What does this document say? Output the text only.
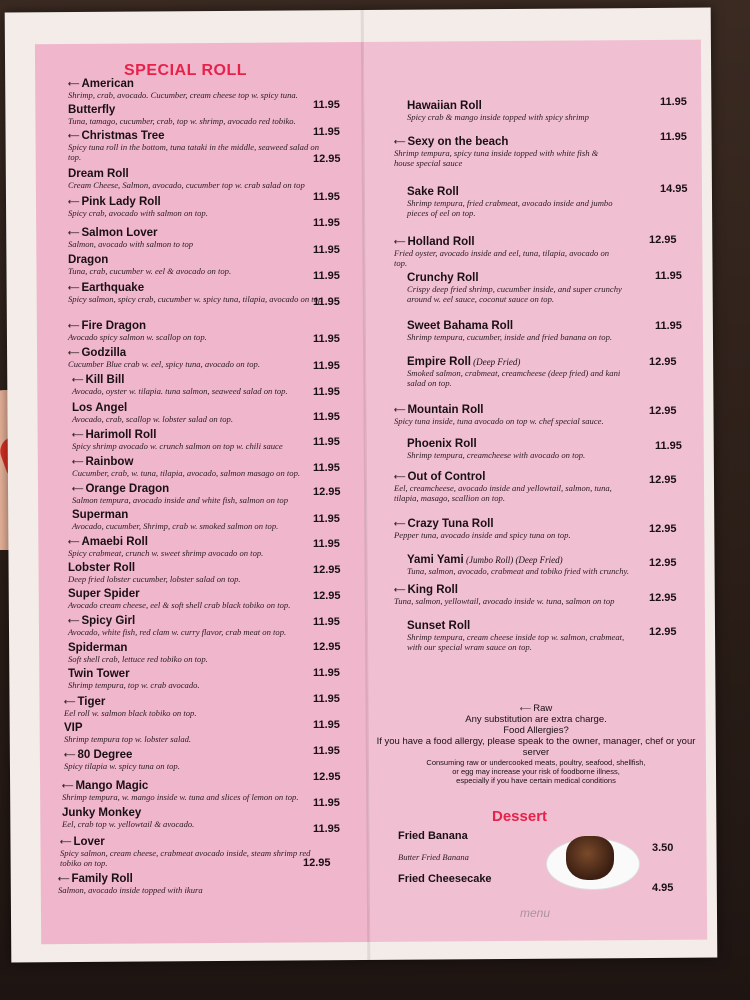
SPECIAL ROLL
⟵ Raw
Any substitution are extra charge.
Food Allergies?
If you have a food allergy, please speak to the owner, manager, chef or your server
Consuming raw or undercooked meats, poultry, seafood, shellfish,
or egg may increase your risk of foodborne illness,
especially if you have certain medical conditions
Dessert
Fried Banana
Butter Fried Banana
3.50
Fried Cheesecake
4.95
menu
⟵ American
Shrimp, crab, avocado. Cucumber, cream cheese top w. spicy tuna.
11.95
Butterfly
Tuna, tamago, cucumber, crab, top w. shrimp, avocado red tobiko.
11.95
⟵ Christmas Tree
Spicy tuna roll in the bottom, tuna tataki in the middle, seaweed salad on top.	12.95
Dream Roll
Cream Cheese, Salmon, avocado, cucumber top w. crab salad on top
11.95
⟵ Pink Lady Roll
Spicy crab, avocado with salmon on top.
11.95
⟵ Salmon Lover
Salmon, avocado with salmon to top	11.95
Dragon
Tuna, crab, cucumber w. eel & avocado on top.	11.95
⟵ Earthquake
Spicy salmon, spicy crab, cucumber w. spicy tuna, tilapia, avocado on top
11.95
⟵ Fire Dragon
Avocado spicy salmon w. scallop on top.	11.95
⟵ Godzilla
Cucumber Blue crab w. eel, spicy tuna, avocado on top.	11.95
⟵ Kill Bill
Avocado, oyster w. tilapia. tuna salmon, seaweed salad on top. 11.95
Los Angel
Avocado, crab, scallop w. lobster salad on top.	11.95
⟵ Harimoll Roll
Spicy shrimp avocado w. crunch salmon on top w. chili sauce	11.95
⟵ Rainbow
Cucumber, crab, w. tuna, tilapia, avocado, salmon masago on top. 11.95
⟵ Orange Dragon
Salmon tempura, avocado inside and white fish, salmon on top
12.95
Superman
Avocado, cucumber, Shrimp, crab w. smoked salmon on top.
11.95
⟵ Amaebi Roll
Spicy crabmeat, crunch w. sweet shrimp avocado on top.
11.95
Lobster Roll
Deep fried lobster cucumber, lobster salad on top.
12.95
Super Spider
Avocado cream cheese, eel & soft shell crab black tobiko on top.
12.95
⟵ Spicy Girl
Avocado, white fish, red clam w. curry flavor, crab meat on top.
11.95
Spiderman
Soft shell crab, lettuce red tobiko on top.
12.95
Twin Tower
Shrimp tempura, top w. crab avocado.
11.95
⟵ Tiger
Eel roll w. salmon black tobiko on top.
11.95
VIP
Shrimp tempura top w. lobster salad.
11.95
⟵ 80 Degree
Spicy tilapia w. spicy tuna on top.
11.95
⟵ Mango Magic
Shrimp tempura, w. mango inside w. tuna and slices of lemon on top.
12.95
Junky Monkey
Eel, crab top w. yellowtail & avocado.
11.95
⟵ Lover
Spicy salmon, cream cheese, crabmeat avocado inside, steam shrimp red tobiko on top.
11.95
⟵ Family Roll
Salmon, avocado inside topped with ikura
12.95
Hawaiian Roll
Spicy crab & mango inside topped with spicy shrimp
11.95
⟵ Sexy on the beach
Shrimp tempura, spicy tuna inside topped with white fish & house special sauce
11.95
Sake Roll
Shrimp tempura, fried crabmeat, avocado inside and jumbo pieces of eel on top.
14.95
⟵ Holland Roll
Fried oyster, avocado inside and eel, tuna, tilapia, avocado on top.
12.95
Crunchy Roll
Crispy deep fried shrimp, cucumber inside, and super crunchy around w. eel sauce, coconut sauce on top.
11.95
Sweet Bahama Roll
Shrimp tempura, cucumber, inside and fried banana on top.
11.95
Empire Roll (Deep Fried)
Smoked salmon, crabmeat, creamcheese (deep fried) and kani salad on top.
12.95
⟵ Mountain Roll
Spicy tuna inside, tuna avocado on top w. chef special sauce.
12.95
Phoenix Roll
Shrimp tempura, creamcheese with avocado on top.
11.95
⟵ Out of Control
Eel, creamcheese, avocado inside and yellowtail, salmon, tuna, tilapia, masago, scallion on top.
12.95
⟵ Crazy Tuna Roll
Pepper tuna, avocado inside and spicy tuna on top.	12.95
Yami Yami (Jumbo Roll) (Deep Fried)
Tuna, salmon, avocado, crabmeat and tobiko fried with crunchy.
12.95
⟵ King Roll
Tuna, salmon, yellowtail, avocado inside w. tuna, salmon on top	12.95
Sunset Roll
Shrimp tempura, cream cheese inside top w. salmon, crabmeat, with our special wram sauce on top.
12.95
